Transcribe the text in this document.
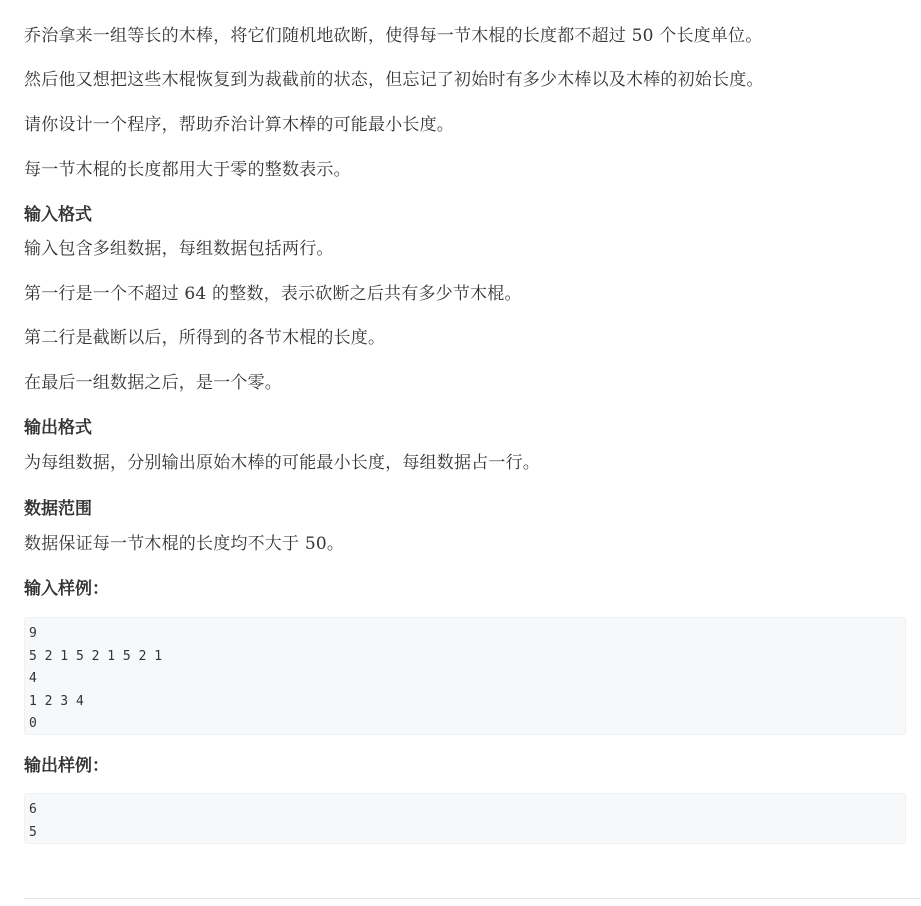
乔治拿来一组等长的木棒，将它们随机地砍断，使得每一节木棍的长度都不超过 50 个长度单位。
然后他又想把这些木棍恢复到为裁截前的状态，但忘记了初始时有多少木棒以及木棒的初始长度。
请你设计一个程序，帮助乔治计算木棒的可能最小长度。
每一节木棍的长度都用大于零的整数表示。
输入格式
输入包含多组数据，每组数据包括两行。
第一行是一个不超过 64 的整数，表示砍断之后共有多少节木棍。
第二行是截断以后，所得到的各节木棍的长度。
在最后一组数据之后，是一个零。
输出格式
为每组数据，分别输出原始木棒的可能最小长度，每组数据占一行。
数据范围
数据保证每一节木棍的长度均不大于 50。
输入样例：
9
5 2 1 5 2 1 5 2 1
4
1 2 3 4
0
输出样例：
6
5
